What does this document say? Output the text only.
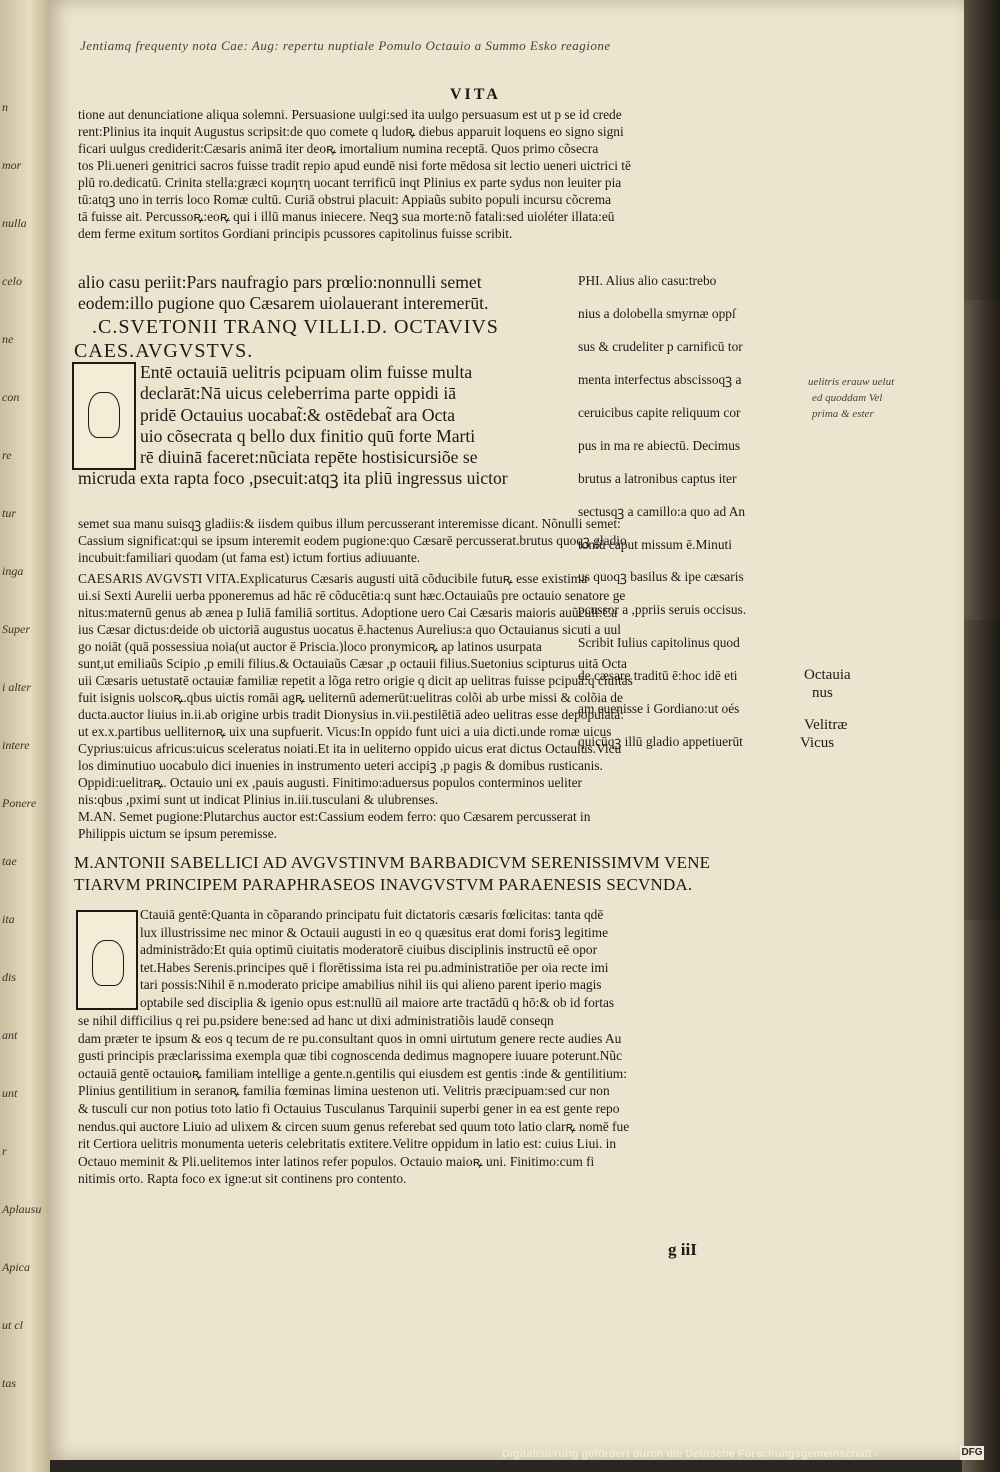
n
mor
nulla
celo
ne
con
re
tur
inga
Super
i alter
intere
Ponere
tae
ita
dis
ant
unt
r
Aplausu
Apica
ut cl
tas
Jentiamq frequenty nota Cae: Aug: repertu nuptiale Pomulo Octauio a Summo Esko reagione
VITA

tione aut denunciatione aliqua solemni. Persuasione uulgi:sed ita uulgo persuasum est ut p se id crede

rent:Plinius ita inquit Augustus scripsit:de quo comete q ludoꝶ diebus apparuit loquens eo signo signi

ficari uulgus crediderit:Cæsaris animā iter deoꝶ imortalium numina receptā. Quos primo cõsecra

tos Pli.ueneri genitrici sacros fuisse tradit repio apud eundē nisi forte mēdosa sit lectio ueneri uictrici tē

plū ro.dedicatū. Crinita stella:græci κομητη uocant terrificū inqt Plinius ex parte sydus non leuiter pia

tū:atqꝫ uno in terris loco Romæ cultū. Curiā obstrui placuit: Appiaũs subito populi incursu cõcrema

tā fuisse ait. Percussoꝶ:eoꝶ qui i illū manus iniecere. Neqꝫ sua morte:nõ fatali:sed uioléter illata:eū

dem ferme exitum sortitos Gordiani principis pcussores capitolinus fuisse scribit.

alio casu periit:Pars naufragio pars prœlio:nonnulli semet

eodem:illo pugione quo Cæsarem uiolauerant interemerūt.

PHI. Alius alio casu:trebo

nius a dolobella smyrnæ oppſ

sus & crudeliter p carnificū tor

menta interfectus abscissoqꝫ a

ceruicibus capite reliquum cor

pus in ma re abiectū. Decimus

brutus a latronibus captus iter

sectusqꝫ a camillo:a quo ad An

toniū caput missum ē.Minuti

us quoqꝫ basilus & ipe cæsaris

pcussor a ,ppriis seruis occisus.

Scribit Iulius capitolinus quod

de cæsare traditū ē:hoc idē eti

am euenisse i Gordiano:ut oés

quicūqꝫ illū gladio appetiuerūt

.C.SVETONII TRANQ VILLI.D. OCTAVIVS
CAES.AVGVSTVS.

Entē octauiā uelitris pcipuam olim fuisse multa

declarāt:Nā uicus celeberrima parte oppidi iā

pridē Octauius uocabat̃:& ostēdebat̃ ara Octa

uio cõsecrata q bello dux finitio quū forte Marti

rē diuinā faceret:nũciata repēte hostisicursiõe se

micruda exta rapta foco ,psecuit:atqꝫ ita pliū ingressus uictor

semet sua manu suisqꝫ gladiis:& iisdem quibus illum percusserant interemisse dicant. Nõnulli semet:

Cassium significat:qui se ipsum interemit eodem pugione:quo Cæsarē percusserat.brutus quoqꝫ gladio

incubuit:familiari quodam (ut fama est) ictum fortius adiuuante.

CAESARIS AVGVSTI VITA.Explicaturus Cæsaris augusti uitā cõducibile futuꝶ esse existima

ui.si Sexti Aurelii uerba pponeremus ad hāc rē cõducētia:q sunt hæc.Octauiaũs pre octauio senatore ge

nitus:maternū genus ab ænea p Iuliā familiā sortitus. Adoptione uero Cai Cæsaris maioris auũculi:Ca

ius Cæsar dictus:deide ob uictoriā augustus uocatus ē.hactenus Aurelius:a quo Octauianus sicuti a uul

go noiāt (quā possessiua noia(ut auctor ē Priscia.)loco pronymicoꝶ ap latinos usurpata

sunt,ut emiliaũs Scipio ,p emili filius.& Octauiaũs Cæsar ,p octauii filius.Suetonius scipturus uitā Octa

uii Cæsaris uetustatē octauiæ familiæ repetit a lõga retro origie q dicit ap uelitras fuisse pcipuā:q ciuitas

fuit isignis uolscoꝶ.qbus uictis romāi agꝶ ueliternū ademerūt:uelitras colõi ab urbe missi & colõia de

ducta.auctor liuius in.ii.ab origine urbis tradit Dionysius in.vii.pestilētiā adeo uelitras esse depopulatā:

ut ex.x.partibus uelliternoꝶ uix una supfuerit. Vicus:In oppido funt uici a uia dicti.unde romæ uicus

Cyprius:uicus africus:uicus sceleratus noiati.Et ita in ueliterno oppido uicus erat dictus Octauius.Vicu

los diminutiuo uocabulo dici inuenies in instrumento ueteri accipiꝫ ,p pagis & domibus rusticanis.

Oppidi:uelitraꝶ. Octauio uni ex ,pauis augusti. Finitimo:aduersus populos conterminos ueliter

nis:qbus ,pximi sunt ut indicat Plinius in.iii.tusculani & ulubrenses.

M.AN. Semet pugione:Plutarchus auctor est:Cassium eodem ferro: quo Cæsarem percusserat in

Philippis uictum se ipsum peremisse.

Octauia
nus
Velitræ
Vicus
uelitris erauw uelut
ed quoddam Vel
prima & ester
M.ANTONII SABELLICI AD AVGVSTINVM BARBADICVM SERENISSIMVM VENE
TIARVM PRINCIPEM PARAPHRASEOS INAVGVSTVM PARAENESIS SECVNDA.

Ctauiā gentē:Quanta in cõparando principatu fuit dictatoris cæsaris fœlicitas: tanta qdē

lux illustrissime nec minor & Octauii augusti in eo q quæsitus erat domi forisꝫ legitime

administrādo:Et quia optimū ciuitatis moderatorē ciuibus disciplinis instructū eē opor

tet.Habes Serenis.principes quē i florētissima ista rei pu.administratiōe per oia recte imi

tari possis:Nihil ē n.moderato pricipe amabilius nihil iis qui alieno parent iperio magis

optabile sed disciplia & igenio opus est:nullū ail maiore arte tractādū q hō:& ob id fortas

se nihil difficilius q rei pu.psidere bene:sed ad hanc ut dixi administratiõis laudē conseqn

dam præter te ipsum & eos q tecum de re pu.consultant quos in omni uirtutum genere recte audies Au

gusti principis præclarissima exempla quæ tibi cognoscenda dedimus magnopere iuuare poterunt.Nũc

octauiā gentē octauioꝶ familiam intellige a gente.n.gentilis qui eiusdem est gentis :inde & gentilitium:

Plinius gentilitium in seranoꝶ familia fœminas limina uestenon uti. Velitris præcipuam:sed cur non

& tusculi cur non potius toto latio fi Octauius Tusculanus Tarquinii superbi gener in ea est gente repo

nendus.qui auctore Liuio ad ulixem & circen suum genus referebat sed quum toto latio clarꝶ nomē fue

rit Certiora uelitris monumenta ueteris celebritatis extitere.Velitre oppidum in latio est: cuius Liui. in

Octauo meminit & Pli.uelitemos inter latinos refer populos. Octauio maioꝶ uni. Finitimo:cum fi

nitimis orto. Rapta foco ex igne:ut sit continens pro contento.

g iiI
Digitalisierung gefördert durch die Deutsche Forschungsgemeinschaft -	DFG
